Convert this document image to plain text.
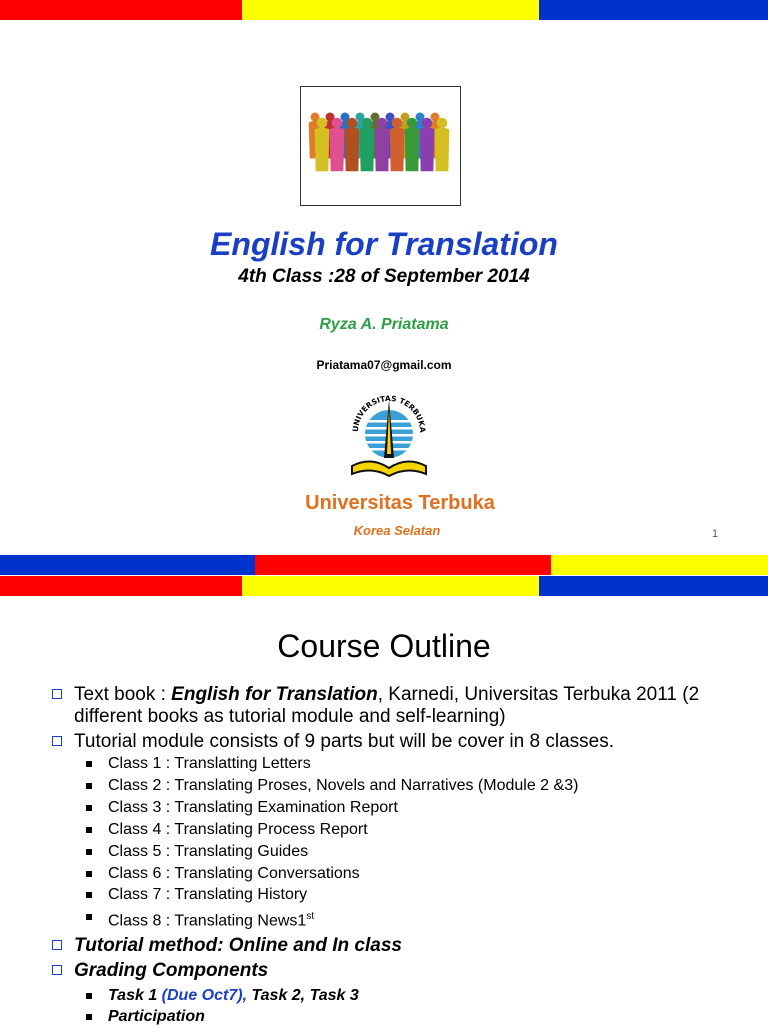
English for Translation
4th Class :28 of September 2014
Ryza A. Priatama
Priatama07@gmail.com
UNIVERSITAS TERBUKA
Universitas Terbuka
Korea Selatan	1
Course Outline
Text book : English for Translation, Karnedi, Universitas Terbuka 2011 (2 different books as tutorial module and self-learning)
Tutorial module consists of 9 parts but will be cover in 8 classes.
Class 1 : Translatting Letters
Class 2 : Translating Proses, Novels and Narratives (Module 2 &3)
Class 3 : Translating Examination Report
Class 4 : Translating Process Report
Class 5 : Translating Guides
Class 6 : Translating Conversations
Class 7 : Translating History
Class 8 : Translating News1st
Tutorial method: Online and In class
Grading Components
Task 1 (Due Oct7), Task 2, Task 3
Participation
